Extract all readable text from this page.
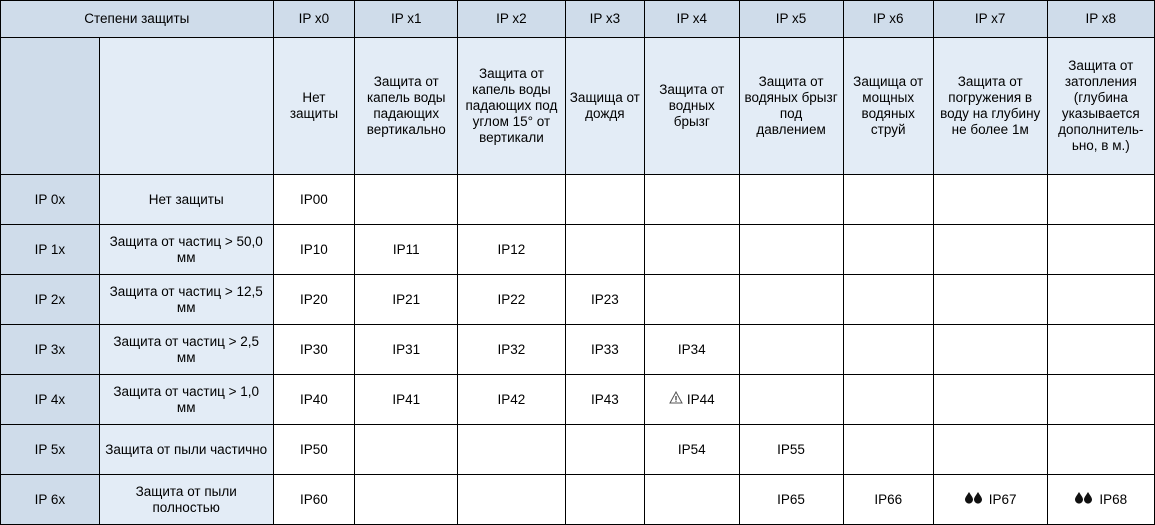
Степени защиты		IP x0	IP x1	IP x2	IP x3	IP x4	IP x5	IP x6	IP x7	IP x8
		Нет защиты	Защита от капель воды падающих вертикально	Защита от капель воды падающих под углом 15° от вертикали	Защища от дождя	Защита от водных брызг	Защита от водяных брызг под давлением	Защища от мощных водяных струй	Защита от погружения в воду на глубину не более 1м	Защита от затопления (глубина указывается дополнитель-ьно, в м.)
IP 0x	Нет защиты	IP00								

IP 1x	Защита от частиц > 50,0 мм	IP10	IP11	IP12						

IP 2x	Защита от частиц > 12,5 мм	IP20	IP21	IP22	IP23					

IP 3x	Защита от частиц > 2,5 мм	IP30	IP31	IP32	IP33	IP34				

IP 4x	Защита от частиц > 1,0 мм	IP40	IP41	IP42	IP43	IP44				

IP 5x	Защита от пыли частично	IP50				IP54	IP55			

IP 6x	Защита от пыли полностью	IP60					IP65	IP66	IP67	IP68
